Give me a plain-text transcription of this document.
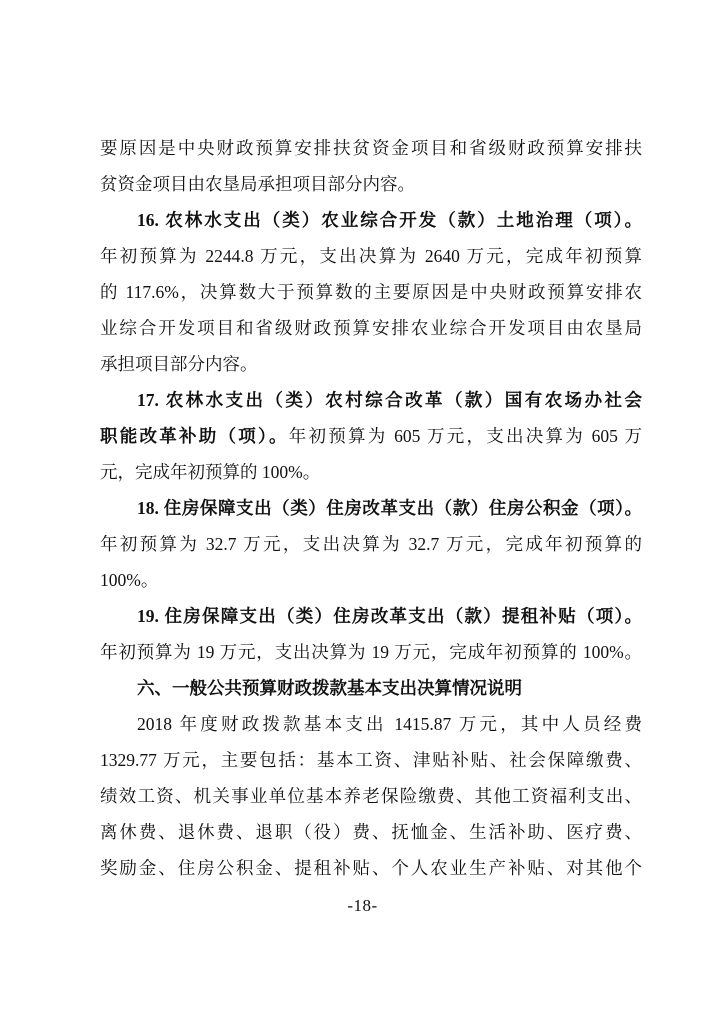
要原因是中央财政预算安排扶贫资金项目和省级财政预算安排扶
贫资金项目由农垦局承担项目部分内容。
16. 农林水支出（类）农业综合开发（款）土地治理（项）。
年初预算为 2244.8 万元，支出决算为 2640 万元，完成年初预算
的 117.6%，决算数大于预算数的主要原因是中央财政预算安排农
业综合开发项目和省级财政预算安排农业综合开发项目由农垦局
承担项目部分内容。
17. 农林水支出（类）农村综合改革（款）国有农场办社会
职能改革补助（项）。年初预算为 605 万元，支出决算为 605 万
元，完成年初预算的 100%。
18. 住房保障支出（类）住房改革支出（款）住房公积金（项）。
年初预算为 32.7 万元，支出决算为 32.7 万元，完成年初预算的
100%。
19. 住房保障支出（类）住房改革支出（款）提租补贴（项）。
年初预算为 19 万元，支出决算为 19 万元，完成年初预算的 100%。
六、一般公共预算财政拨款基本支出决算情况说明
2018 年度财政拨款基本支出 1415.87 万元，其中人员经费
1329.77 万元，主要包括：基本工资、津贴补贴、社会保障缴费、
绩效工资、机关事业单位基本养老保险缴费、其他工资福利支出、
离休费、退休费、退职（役）费、抚恤金、生活补助、医疗费、
奖励金、住房公积金、提租补贴、个人农业生产补贴、对其他个
-18-
